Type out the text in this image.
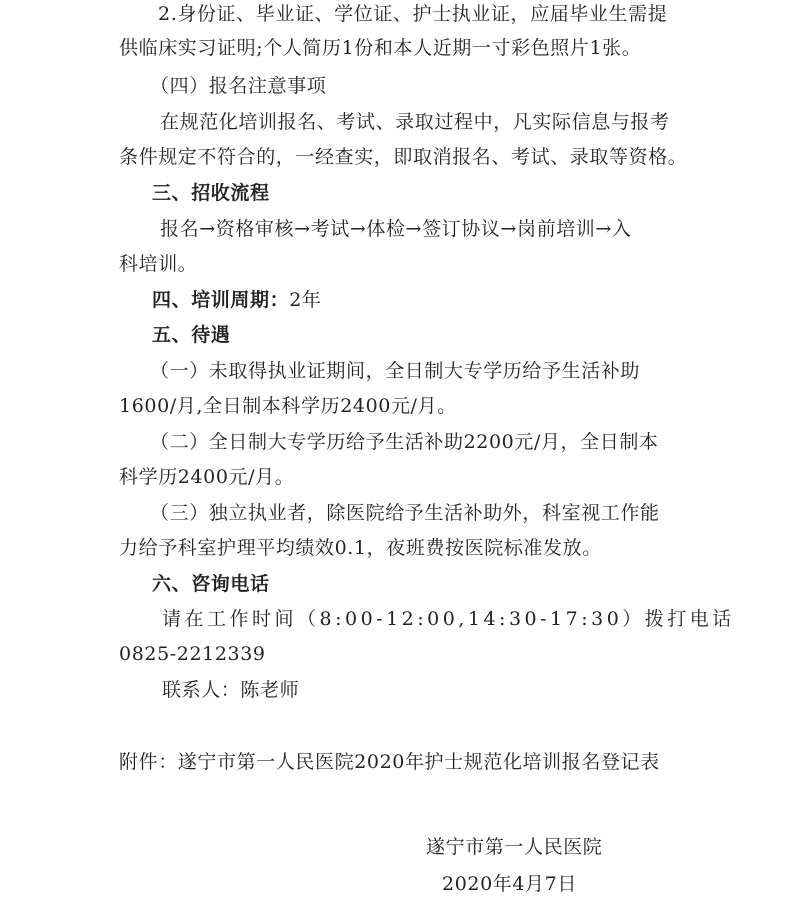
2.身份证、毕业证、学位证、护士执业证，应届毕业生需提
供临床实习证明;个人简历1份和本人近期一寸彩色照片1张。
（四）报名注意事项
在规范化培训报名、考试、录取过程中，凡实际信息与报考
条件规定不符合的，一经查实，即取消报名、考试、录取等资格。
三、招收流程
报名→资格审核→考试→体检→签订协议→岗前培训→入
科培训。
四、培训周期：2年
五、待遇
（一）未取得执业证期间，全日制大专学历给予生活补助
1600/月,全日制本科学历2400元/月。
（二）全日制大专学历给予生活补助2200元/月，全日制本
科学历2400元/月。
（三）独立执业者，除医院给予生活补助外，科室视工作能
力给予科室护理平均绩效0.1，夜班费按医院标准发放。
六、咨询电话
请在工作时间（8:00-12:00,14:30-17:30）拨打电话
0825-2212339
联系人：陈老师
附件：遂宁市第一人民医院2020年护士规范化培训报名登记表
遂宁市第一人民医院
2020年4月7日
